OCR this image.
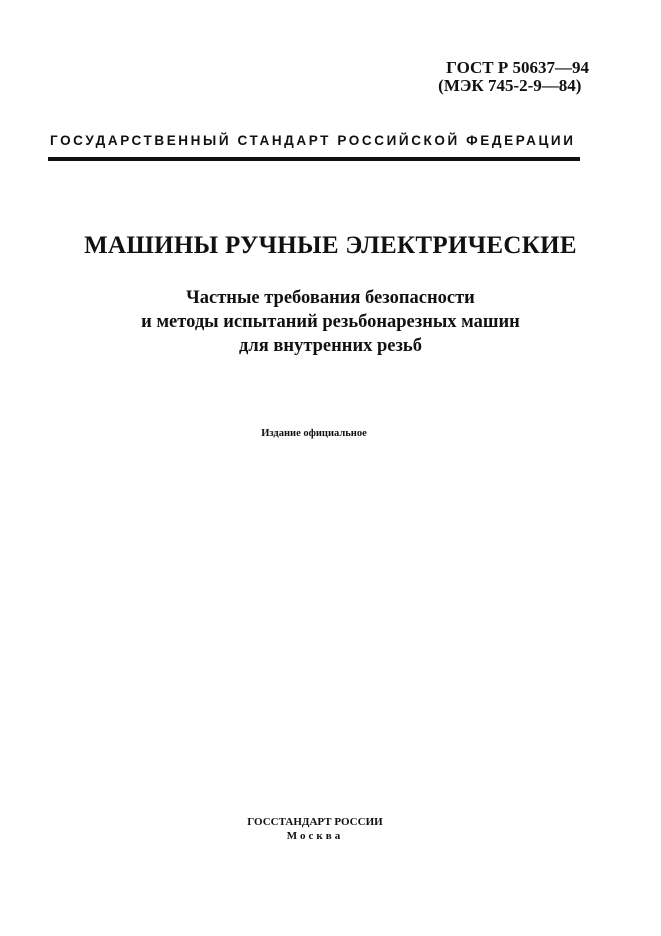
ГОСТ Р 50637—94
(МЭК 745-2-9—84)
ГОСУДАРСТВЕННЫЙ СТАНДАРТ РОССИЙСКОЙ ФЕДЕРАЦИИ
МАШИНЫ РУЧНЫЕ ЭЛЕКТРИЧЕСКИЕ
Частные требования безопасности
и методы испытаний резьбонарезных машин
для внутренних резьб
Издание официальное
ГОССТАНДАРТ РОССИИ
Москва
